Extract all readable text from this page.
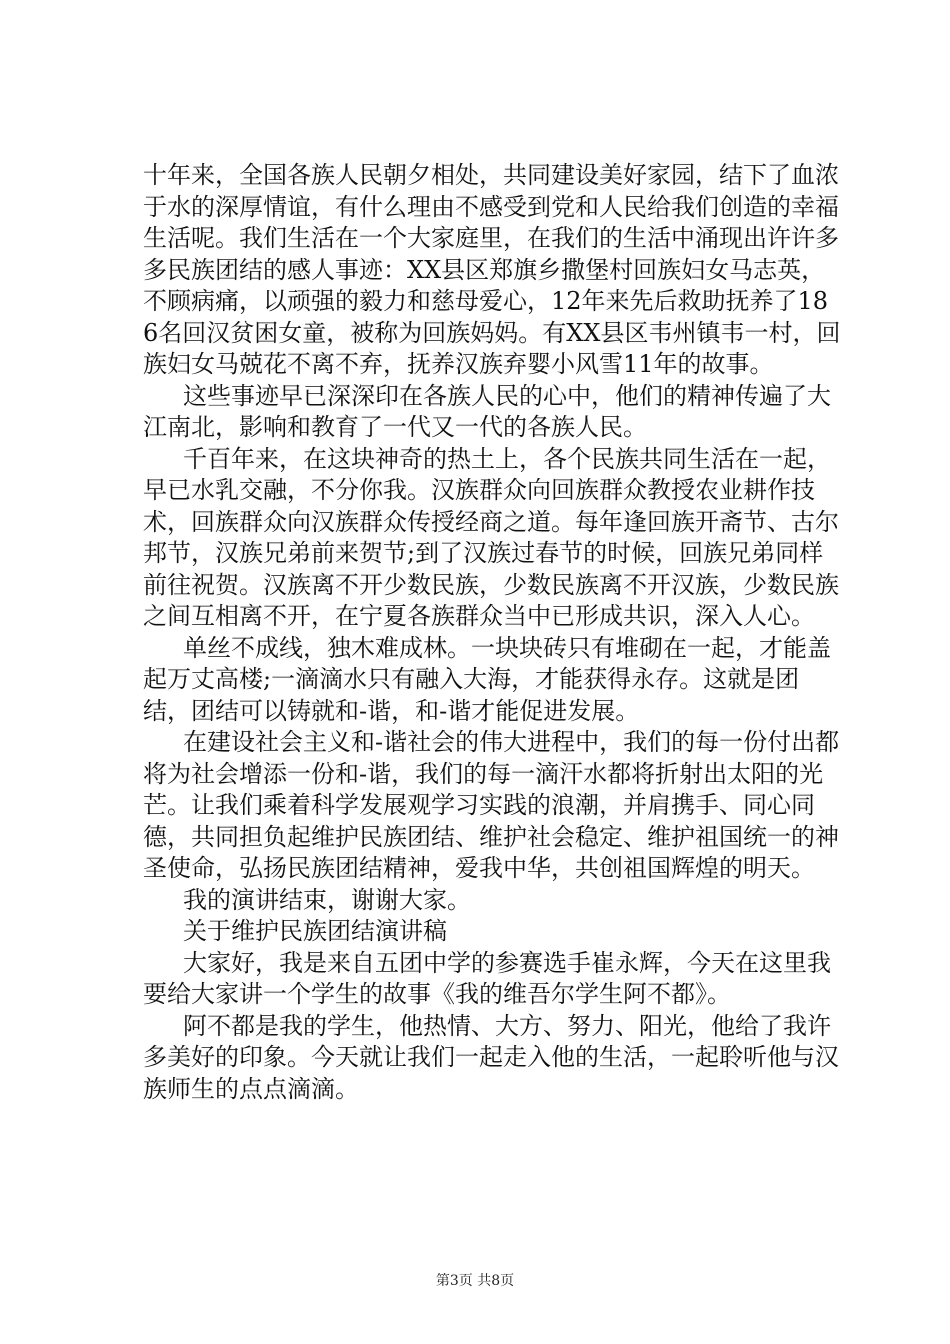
十年来，全国各族人民朝夕相处，共同建设美好家园，结下了血浓于水的深厚情谊，有什么理由不感受到党和人民给我们创造的幸福生活呢。我们生活在一个大家庭里，在我们的生活中涌现出许许多多民族团结的感人事迹：XX县区郑旗乡撒堡村回族妇女马志英，不顾病痛，以顽强的毅力和慈母爱心，12年来先后救助抚养了186名回汉贫困女童，被称为回族妈妈。有XX县区韦州镇韦一村，回族妇女马兢花不离不弃，抚养汉族弃婴小风雪11年的故事。

这些事迹早已深深印在各族人民的心中，他们的精神传遍了大江南北，影响和教育了一代又一代的各族人民。

千百年来，在这块神奇的热土上，各个民族共同生活在一起，早已水乳交融，不分你我。汉族群众向回族群众教授农业耕作技术，回族群众向汉族群众传授经商之道。每年逢回族开斋节、古尔邦节，汉族兄弟前来贺节;到了汉族过春节的时候，回族兄弟同样前往祝贺。汉族离不开少数民族，少数民族离不开汉族，少数民族之间互相离不开，在宁夏各族群众当中已形成共识，深入人心。

单丝不成线，独木难成林。一块块砖只有堆砌在一起，才能盖起万丈高楼;一滴滴水只有融入大海，才能获得永存。这就是团结，团结可以铸就和-谐，和-谐才能促进发展。

在建设社会主义和-谐社会的伟大进程中，我们的每一份付出都将为社会增添一份和-谐，我们的每一滴汗水都将折射出太阳的光芒。让我们乘着科学发展观学习实践的浪潮，并肩携手、同心同德，共同担负起维护民族团结、维护社会稳定、维护祖国统一的神圣使命，弘扬民族团结精神，爱我中华，共创祖国辉煌的明天。

我的演讲结束，谢谢大家。

关于维护民族团结演讲稿

大家好，我是来自五团中学的参赛选手崔永辉，今天在这里我要给大家讲一个学生的故事《我的维吾尔学生阿不都》。

阿不都是我的学生，他热情、大方、努力、阳光，他给了我许多美好的印象。今天就让我们一起走入他的生活，一起聆听他与汉族师生的点点滴滴。

第3页 共8页
